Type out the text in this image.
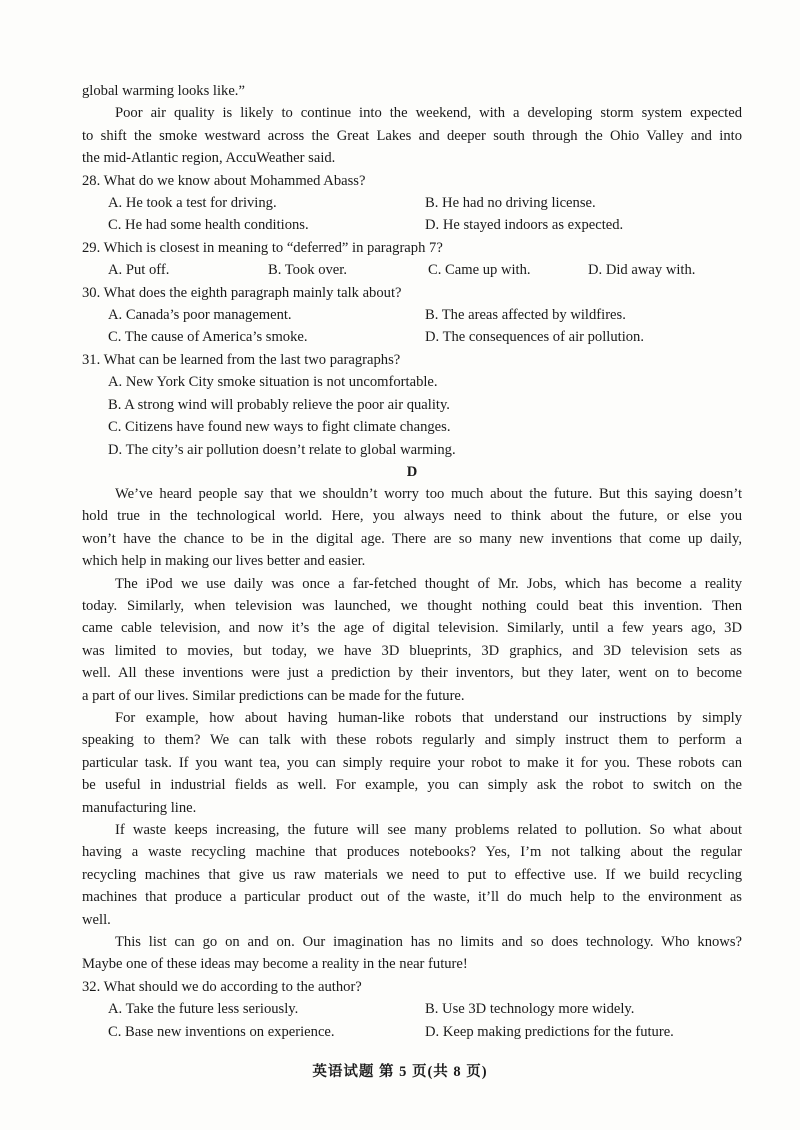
global warming looks like.”
Poor air quality is likely to continue into the weekend, with a developing storm system expected
to shift the smoke westward across the Great Lakes and deeper south through the Ohio Valley and into
the mid-Atlantic region, AccuWeather said.
28. What do we know about Mohammed Abass?
A. He took a test for driving.	B. He had no driving license.
C. He had some health conditions.	D. He stayed indoors as expected.
29. Which is closest in meaning to “deferred” in paragraph 7?
A. Put off.	B. Took over.	C. Came up with.	D. Did away with.
30. What does the eighth paragraph mainly talk about?
A. Canada’s poor management.	B. The areas affected by wildfires.
C. The cause of America’s smoke.	D. The consequences of air pollution.
31. What can be learned from the last two paragraphs?
A. New York City smoke situation is not uncomfortable.
B. A strong wind will probably relieve the poor air quality.
C. Citizens have found new ways to fight climate changes.
D. The city’s air pollution doesn’t relate to global warming.
D
We’ve heard people say that we shouldn’t worry too much about the future. But this saying doesn’t
hold true in the technological world. Here, you always need to think about the future, or else you
won’t have the chance to be in the digital age. There are so many new inventions that come up daily,
which help in making our lives better and easier.
The iPod we use daily was once a far-fetched thought of Mr. Jobs, which has become a reality
today. Similarly, when television was launched, we thought nothing could beat this invention. Then
came cable television, and now it’s the age of digital television. Similarly, until a few years ago, 3D
was limited to movies, but today, we have 3D blueprints, 3D graphics, and 3D television sets as
well. All these inventions were just a prediction by their inventors, but they later, went on to become
a part of our lives. Similar predictions can be made for the future.
For example, how about having human-like robots that understand our instructions by simply
speaking to them? We can talk with these robots regularly and simply instruct them to perform a
particular task. If you want tea, you can simply require your robot to make it for you. These robots can
be useful in industrial fields as well. For example, you can simply ask the robot to switch on the
manufacturing line.
If waste keeps increasing, the future will see many problems related to pollution. So what about
having a waste recycling machine that produces notebooks? Yes, I’m not talking about the regular
recycling machines that give us raw materials we need to put to effective use. If we build recycling
machines that produce a particular product out of the waste, it’ll do much help to the environment as
well.
This list can go on and on. Our imagination has no limits and so does technology. Who knows?
Maybe one of these ideas may become a reality in the near future!
32. What should we do according to the author?
A. Take the future less seriously.	B. Use 3D technology more widely.
C. Base new inventions on experience.	D. Keep making predictions for the future.
英语试题 第 5 页(共 8 页)
